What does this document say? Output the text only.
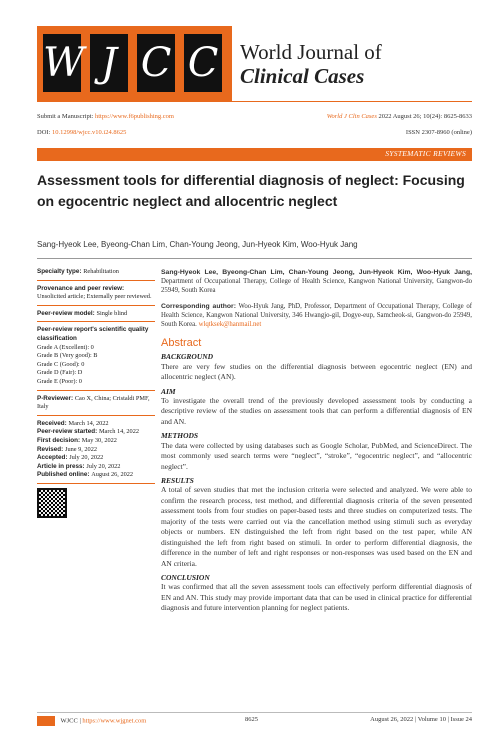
W J C C World Journal of
Clinical Cases
Submit a Manuscript: https://www.f6publishing.com	World J Clin Cases 2022 August 26; 10(24): 8625-8633
DOI: 10.12998/wjcc.v10.i24.8625	ISSN 2307-8960 (online)
SYSTEMATIC REVIEWS
Assessment tools for differential diagnosis of neglect: Focusing on egocentric neglect and allocentric neglect
Sang-Hyeok Lee, Byeong-Chan Lim, Chan-Young Jeong, Jun-Hyeok Kim, Woo-Hyuk Jang
Specialty type: Rehabilitation
Provenance and peer review:
Unsolicited article; Externally peer reviewed.
Peer-review model: Single blind
Peer-review report's scientific quality classification
Grade A (Excellent): 0
Grade B (Very good): B
Grade C (Good): 0
Grade D (Fair): D
Grade E (Poor): 0
P-Reviewer: Cao X, China; Cristaldi PMF, Italy
Received: March 14, 2022
Peer-review started: March 14, 2022
First decision: May 30, 2022
Revised: June 9, 2022
Accepted: July 20, 2022
Article in press: July 20, 2022
Published online: August 26, 2022

Sang-Hyeok Lee, Byeong-Chan Lim, Chan-Young Jeong, Jun-Hyeok Kim, Woo-Hyuk Jang, Department of Occupational Therapy, College of Health Science, Kangwon National University, Gangwon-do 25949, South Korea

Corresponding author: Woo-Hyuk Jang, PhD, Professor, Department of Occupational Therapy, College of Health Science, Kangwon National University, 346 Hwangjo-gil, Dogye-eup, Samcheok-si, Gangwon-do 25949, South Korea. wlqtksek@hanmail.net

Abstract
BACKGROUND
There are very few studies on the differential diagnosis between egocentric neglect (EN) and allocentric neglect (AN).
AIM
To investigate the overall trend of the previously developed assessment tools by conducting a descriptive review of the studies on assessment tools that can perform a differential diagnosis of EN and AN.
METHODS
The data were collected by using databases such as Google Scholar, PubMed, and ScienceDirect. The most commonly used search terms were “neglect”, “stroke”, “egocentric neglect”, and “allocentric neglect”.
RESULTS
A total of seven studies that met the inclusion criteria were selected and analyzed. We were able to confirm the research process, test method, and differential diagnosis criteria of the seven presented assessment tools from four studies on paper-based tests and three studies on computerized tests. The majority of the tests were carried out via the cancellation method using stimuli such as everyday objects or numbers. EN distinguished the left from right based on the test paper, while AN distinguished the left from right based on stimuli. In order to perform differential diagnosis, the difference in the number of left and right responses or non-responses was used based on the EN and AN criteria.
CONCLUSION
It was confirmed that all the seven assessment tools can effectively perform differential diagnosis of EN and AN. This study may provide important data that can be used in clinical practice for differential diagnosis and future intervention planning for neglect patients.
WJCC | https://www.wjgnet.com	8625	August 26, 2022 | Volume 10 | Issue 24
